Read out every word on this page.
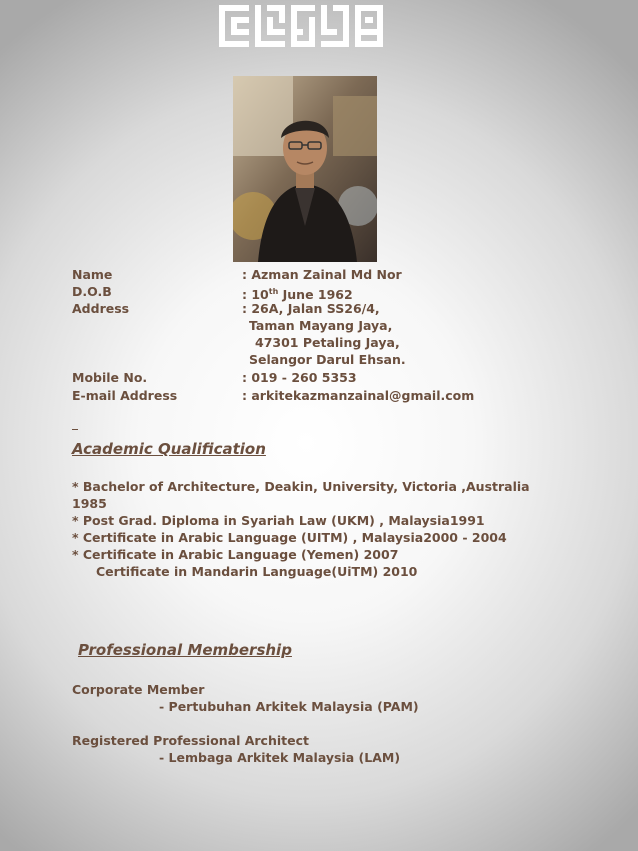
Name	: Azman Zainal Md Nor
D.O.B	: 10th June 1962
Address	: 26A, Jalan SS26/4,
Taman Mayang Jaya,
47301 Petaling Jaya,
Selangor Darul Ehsan.
Mobile No.	: 019 - 260 5353
E-mail Address	: arkitekazmanzainal@gmail.com
Academic Qualification
* Bachelor of Architecture, Deakin, University, Victoria ,Australia
1985
* Post Grad. Diploma in Syariah Law (UKM) , Malaysia1991
* Certificate in Arabic Language (UITM) , Malaysia2000 - 2004
* Certificate in Arabic Language (Yemen) 2007
Certificate in Mandarin Language(UiTM) 2010
Professional Membership
Corporate Member
- Pertubuhan Arkitek Malaysia (PAM)
Registered Professional Architect
- Lembaga Arkitek Malaysia (LAM)
